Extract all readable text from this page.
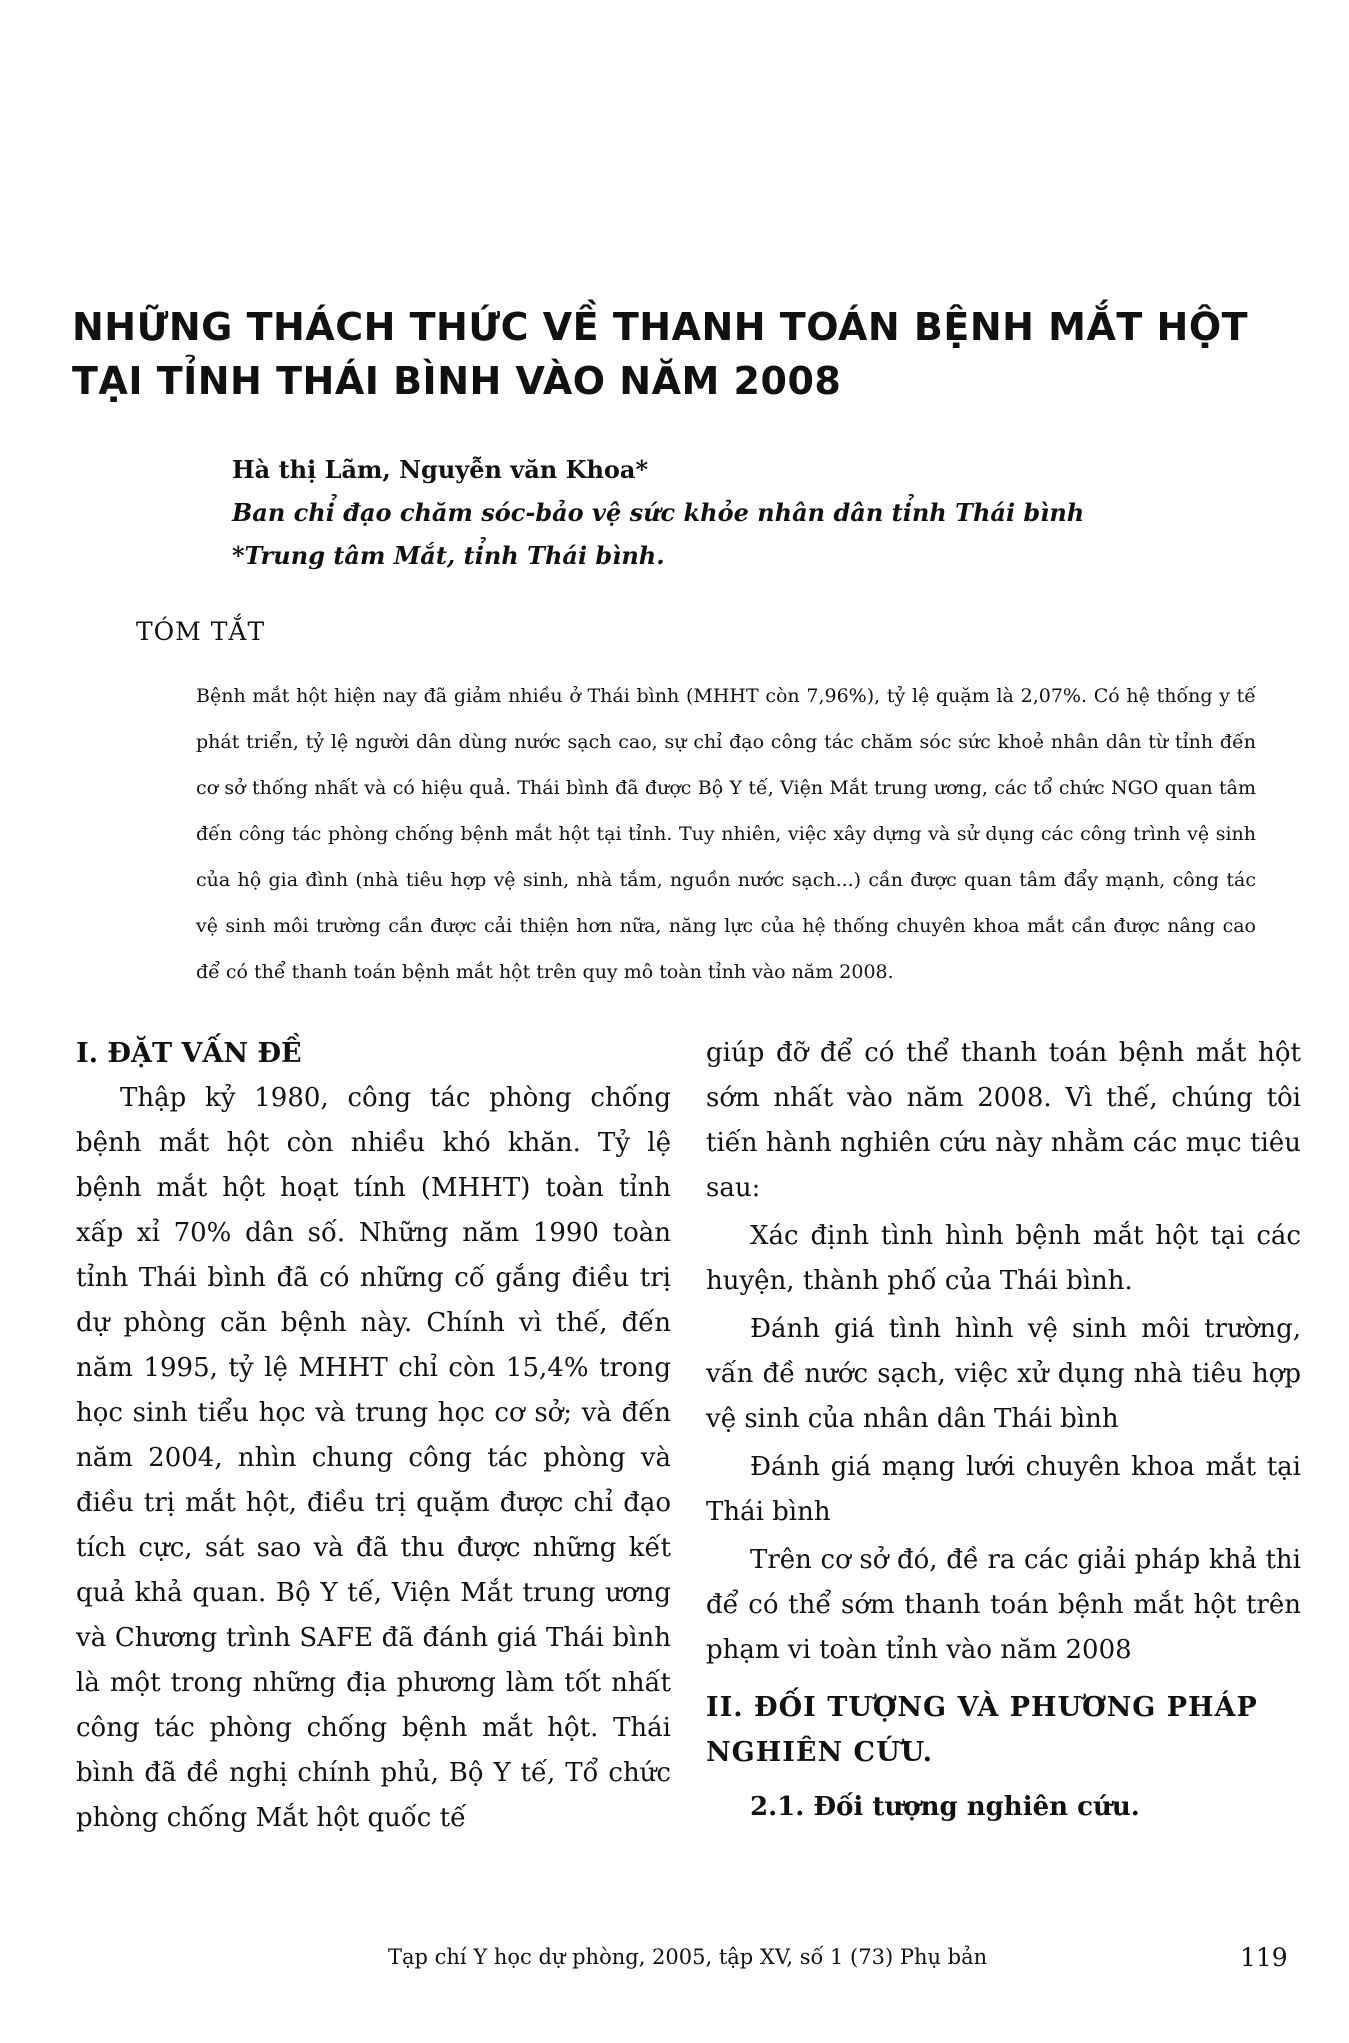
NHỮNG THÁCH THỨC VỀ THANH TOÁN BỆNH MẮT HỘT
TẠI TỈNH THÁI BÌNH VÀO NĂM 2008
Hà thị Lãm, Nguyễn văn Khoa*
Ban chỉ đạo chăm sóc-bảo vệ sức khỏe nhân dân tỉnh Thái bình
*Trung tâm Mắt, tỉnh Thái bình.
TÓM TẮT

Bệnh mắt hột hiện nay đã giảm nhiều ở Thái bình (MHHT còn 7,96%), tỷ lệ quặm là 2,07%. Có hệ thống y tế phát triển, tỷ lệ người dân dùng nước sạch cao, sự chỉ đạo công tác chăm sóc sức khoẻ nhân dân từ tỉnh đến cơ sở thống nhất và có hiệu quả. Thái bình đã được Bộ Y tế, Viện Mắt trung ương, các tổ chức NGO quan tâm đến công tác phòng chống bệnh mắt hột tại tỉnh. Tuy nhiên, việc xây dựng và sử dụng các công trình vệ sinh của hộ gia đình (nhà tiêu hợp vệ sinh, nhà tắm, nguồn nước sạch...) cần được quan tâm đẩy mạnh, công tác vệ sinh môi trường cần được cải thiện hơn nữa, năng lực của hệ thống chuyên khoa mắt cần được nâng cao để có thể thanh toán bệnh mắt hột trên quy mô toàn tỉnh vào năm 2008.

I. ĐẶT VẤN ĐỀ

Thập kỷ 1980, công tác phòng chống bệnh mắt hột còn nhiều khó khăn. Tỷ lệ bệnh mắt hột hoạt tính (MHHT) toàn tỉnh xấp xỉ 70% dân số. Những năm 1990 toàn tỉnh Thái bình đã có những cố gắng điều trị dự phòng căn bệnh này. Chính vì thế, đến năm 1995, tỷ lệ MHHT chỉ còn 15,4% trong học sinh tiểu học và trung học cơ sở; và đến năm 2004, nhìn chung công tác phòng và điều trị mắt hột, điều trị quặm được chỉ đạo tích cực, sát sao và đã thu được những kết quả khả quan. Bộ Y tế, Viện Mắt trung ương và Chương trình SAFE đã đánh giá Thái bình là một trong những địa phương làm tốt nhất công tác phòng chống bệnh mắt hột. Thái bình đã đề nghị chính phủ, Bộ Y tế, Tổ chức phòng chống Mắt hột quốc tế

giúp đỡ để có thể thanh toán bệnh mắt hột sớm nhất vào năm 2008. Vì thế, chúng tôi tiến hành nghiên cứu này nhằm các mục tiêu sau:

Xác định tình hình bệnh mắt hột tại các huyện, thành phố của Thái bình.

Đánh giá tình hình vệ sinh môi trường, vấn đề nước sạch, việc xử dụng nhà tiêu hợp vệ sinh của nhân dân Thái bình

Đánh giá mạng lưới chuyên khoa mắt tại Thái bình

Trên cơ sở đó, đề ra các giải pháp khả thi để có thể sớm thanh toán bệnh mắt hột trên phạm vi toàn tỉnh vào năm 2008

II. ĐỐI TƯỢNG VÀ PHƯƠNG PHÁP NGHIÊN CỨU.
2.1. Đối tượng nghiên cứu.
Tạp chí Y học dự phòng, 2005, tập XV, số 1 (73) Phụ bản	119
